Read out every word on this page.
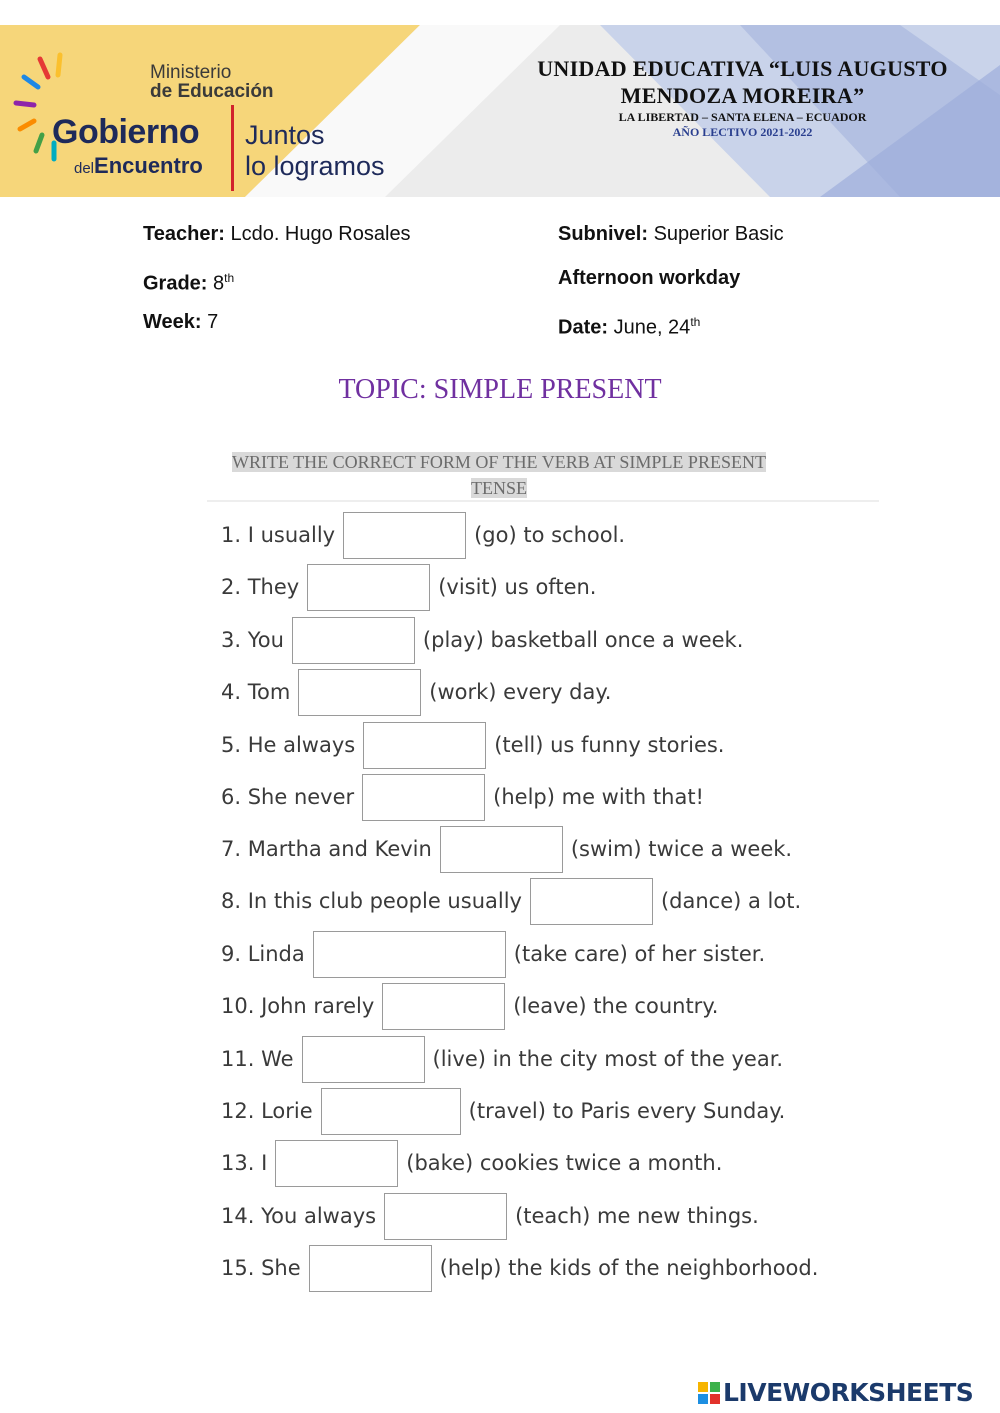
Ministerio
de Educación
Gobierno
delEncuentro
Juntos
lo logramos
UNIDAD EDUCATIVA “LUIS AUGUSTO
MENDOZA MOREIRA”
LA LIBERTAD – SANTA ELENA – ECUADOR
AÑO LECTIVO 2021-2022
Teacher: Lcdo. Hugo Rosales	Subnivel: Superior Basic
Grade: 8th	Afternoon workday
Week: 7	Date: June, 24th
TOPIC: SIMPLE PRESENT
WRITE THE CORRECT FORM OF THE VERB AT SIMPLE PRESENT
TENSE
1. I usually	(go) to school.
2. They	(visit) us often.
3. You	(play) basketball once a week.
4. Tom	(work) every day.
5. He always	(tell) us funny stories.
6. She never	(help) me with that!
7. Martha and Kevin	(swim) twice a week.
8. In this club people usually	(dance) a lot.
9. Linda	(take care) of her sister.
10. John rarely	(leave) the country.
11. We	(live) in the city most of the year.
12. Lorie	(travel) to Paris every Sunday.
13. I	(bake) cookies twice a month.
14. You always	(teach) me new things.
15. She	(help) the kids of the neighborhood.
LIVEWORKSHEETS
